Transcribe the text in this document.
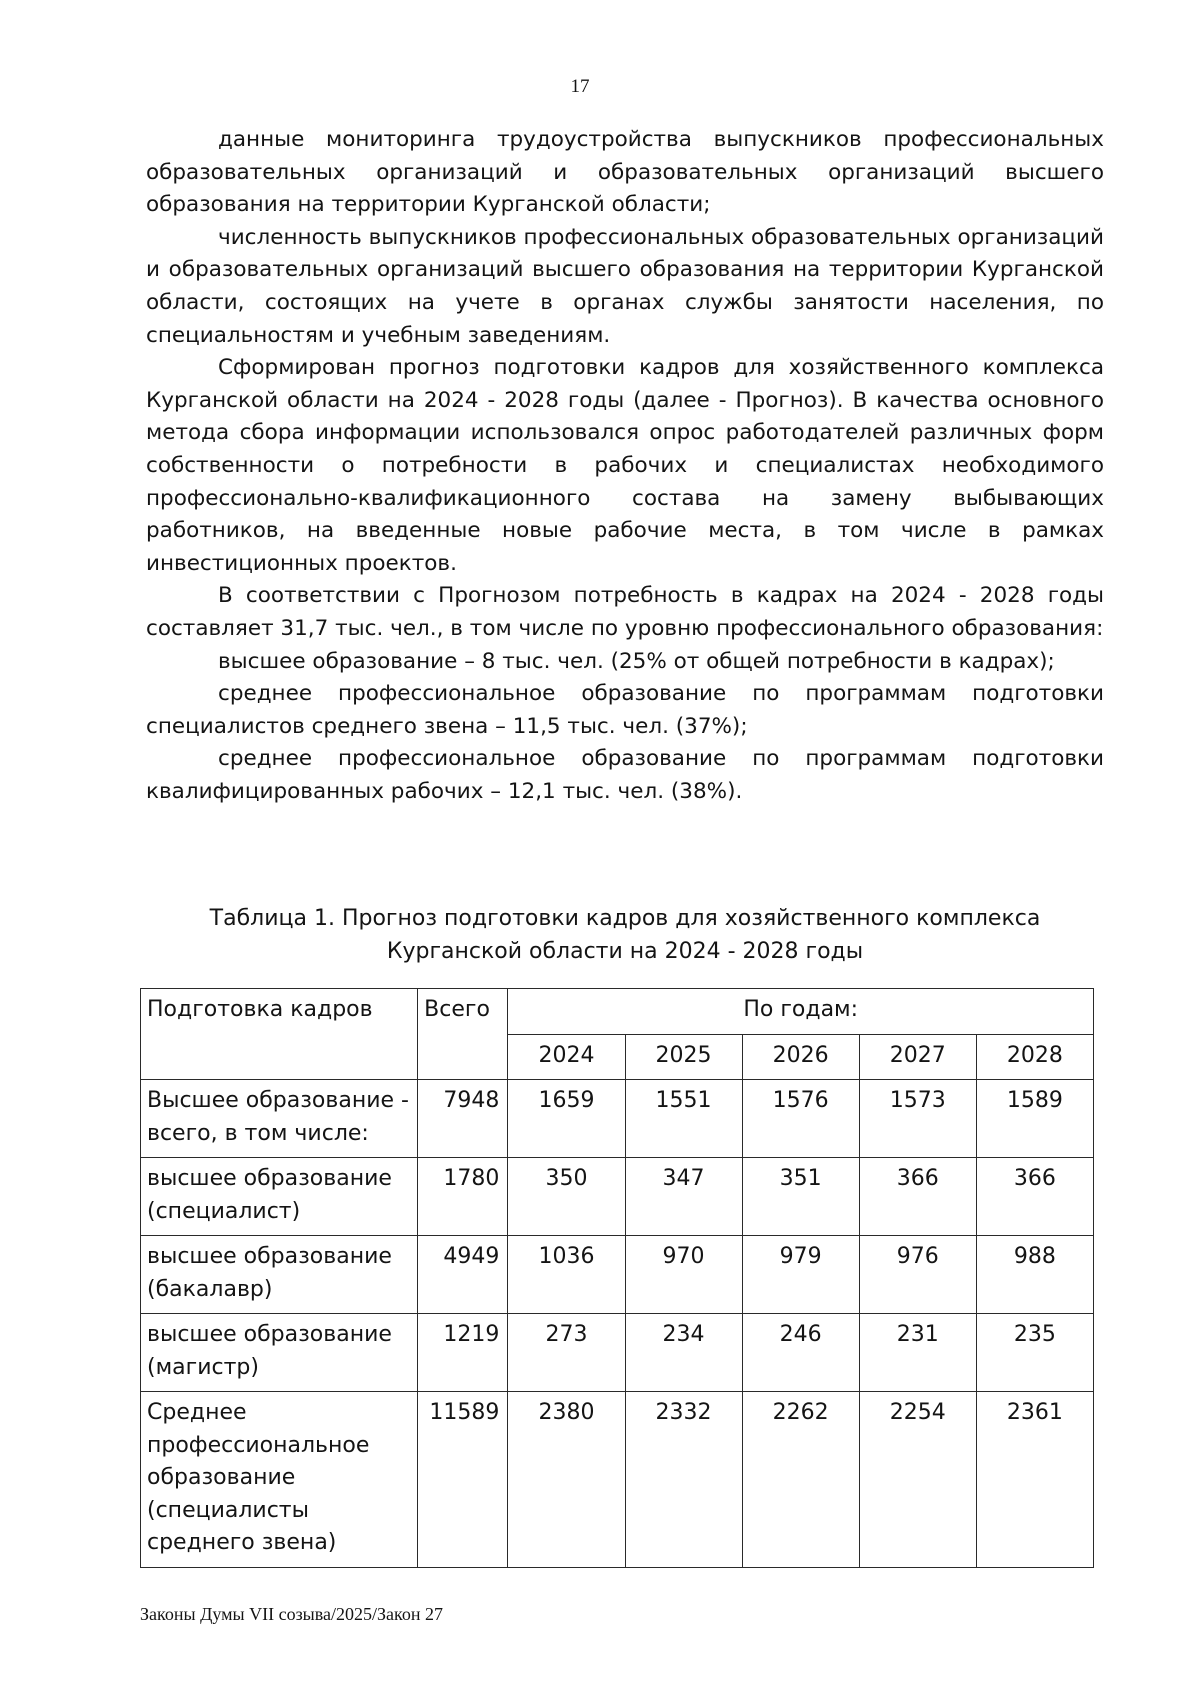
17

данные мониторинга трудоустройства выпускников профессиональных образовательных организаций и образовательных организаций высшего образования на территории Курганской области;

численность выпускников профессиональных образовательных организаций и образовательных организаций высшего образования на территории Курганской области, состоящих на учете в органах службы занятости населения, по специальностям и учебным заведениям.

Сформирован прогноз подготовки кадров для хозяйственного комплекса Курганской области на 2024 - 2028 годы (далее - Прогноз). В качества основного метода сбора информации использовался опрос работодателей различных форм собственности о потребности в рабочих и специалистах необходимого профессионально-квалификационного состава на замену выбывающих работников, на введенные новые рабочие места, в том числе в рамках инвестиционных проектов.

В соответствии с Прогнозом потребность в кадрах на 2024 - 2028 годы составляет 31,7 тыс. чел., в том числе по уровню профессионального образования:

высшее образование – 8 тыс. чел. (25% от общей потребности в кадрах);

среднее профессиональное образование по программам подготовки специалистов среднего звена – 11,5 тыс. чел. (37%);

среднее профессиональное образование по программам подготовки квалифицированных рабочих – 12,1 тыс. чел. (38%).

Таблица 1. Прогноз подготовки кадров для хозяйственного комплекса
Курганской области на 2024 - 2028 годы
Подготовка кадров	Всего	По годам:				
		2024	2025	2026	2027	2028
Высшее образование - всего, в том числе:	7948	1659	1551	1576	1573	1589
высшее образование (специалист)	1780	350	347	351	366	366
высшее образование (бакалавр)	4949	1036	970	979	976	988
высшее образование (магистр)	1219	273	234	246	231	235
Среднее профессиональное образование (специалисты среднего звена)	11589	2380	2332	2262	2254	2361
Законы Думы VII созыва/2025/Закон 27
